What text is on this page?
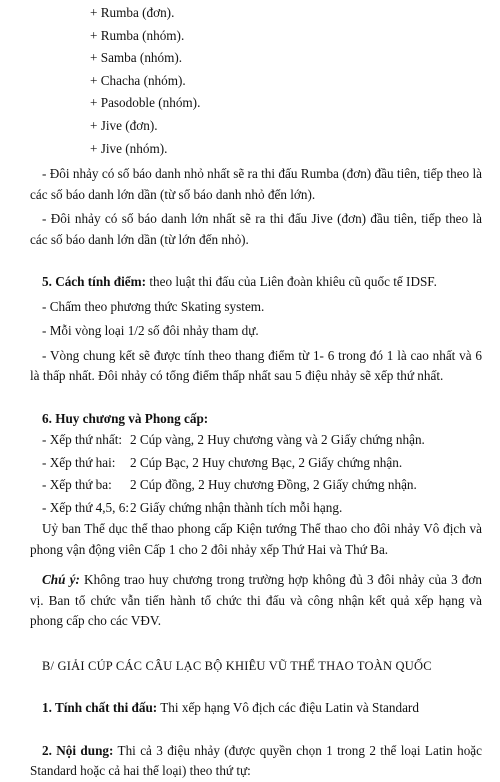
+ Rumba (đơn).
+ Rumba (nhóm).
+ Samba (nhóm).
+ Chacha (nhóm).
+ Pasodoble (nhóm).
+ Jive (đơn).
+ Jive (nhóm).

- Đôi nhảy có số báo danh nhỏ nhất sẽ ra thi đấu Rumba (đơn) đầu tiên, tiếp theo là các số báo danh lớn dần (từ số báo danh nhỏ đến lớn).

- Đôi nhảy có số báo danh lớn nhất sẽ ra thi đấu Jive (đơn) đầu tiên, tiếp theo là các số báo danh lớn dần (từ lớn đến nhỏ).

5. Cách tính điểm: theo luật thi đấu của Liên đoàn khiêu cũ quốc tế IDSF.

- Chấm theo phương thức Skating system.

- Mỗi vòng loại 1/2 số đôi nhảy tham dự.

- Vòng chung kết sẽ được tính theo thang điểm từ 1- 6 trong đó 1 là cao nhất và 6 là thấp nhất. Đôi nhảy có tổng điểm thấp nhất sau 5 điệu nhảy sẽ xếp thứ nhất.

6. Huy chương và Phong cấp:

- Xếp thứ nhất: 2 Cúp vàng, 2 Huy chương vàng và 2 Giấy chứng nhận.
- Xếp thứ hai:	2 Cúp Bạc, 2 Huy chương Bạc, 2 Giấy chứng nhận.
- Xếp thứ ba:	2 Cúp đồng, 2 Huy chương Đồng, 2 Giấy chứng nhận.
- Xếp thứ 4,5, 6: 2 Giấy chứng nhận thành tích mỗi hạng.

Uỷ ban Thể dục thể thao phong cấp Kiện tướng Thể thao cho đôi nhảy Vô địch và phong vận động viên Cấp 1 cho 2 đôi nhảy xếp Thứ Hai và Thứ Ba.

Chú ý: Không trao huy chương trong trường hợp không đủ 3 đôi nhảy của 3 đơn vị. Ban tổ chức vẫn tiến hành tổ chức thi đấu và công nhận kết quả xếp hạng và phong cấp cho các VĐV.

B/ GIẢI CÚP CÁC CÂU LẠC BỘ KHIÊU VŨ THỂ THAO TOÀN QUỐC

1. Tính chất thi đấu: Thi xếp hạng Vô địch các điệu Latin và Standard

2. Nội dung: Thi cả 3 điệu nhảy (được quyền chọn 1 trong 2 thể loại Latin hoặc Standard hoặc cả hai thể loại) theo thứ tự:
